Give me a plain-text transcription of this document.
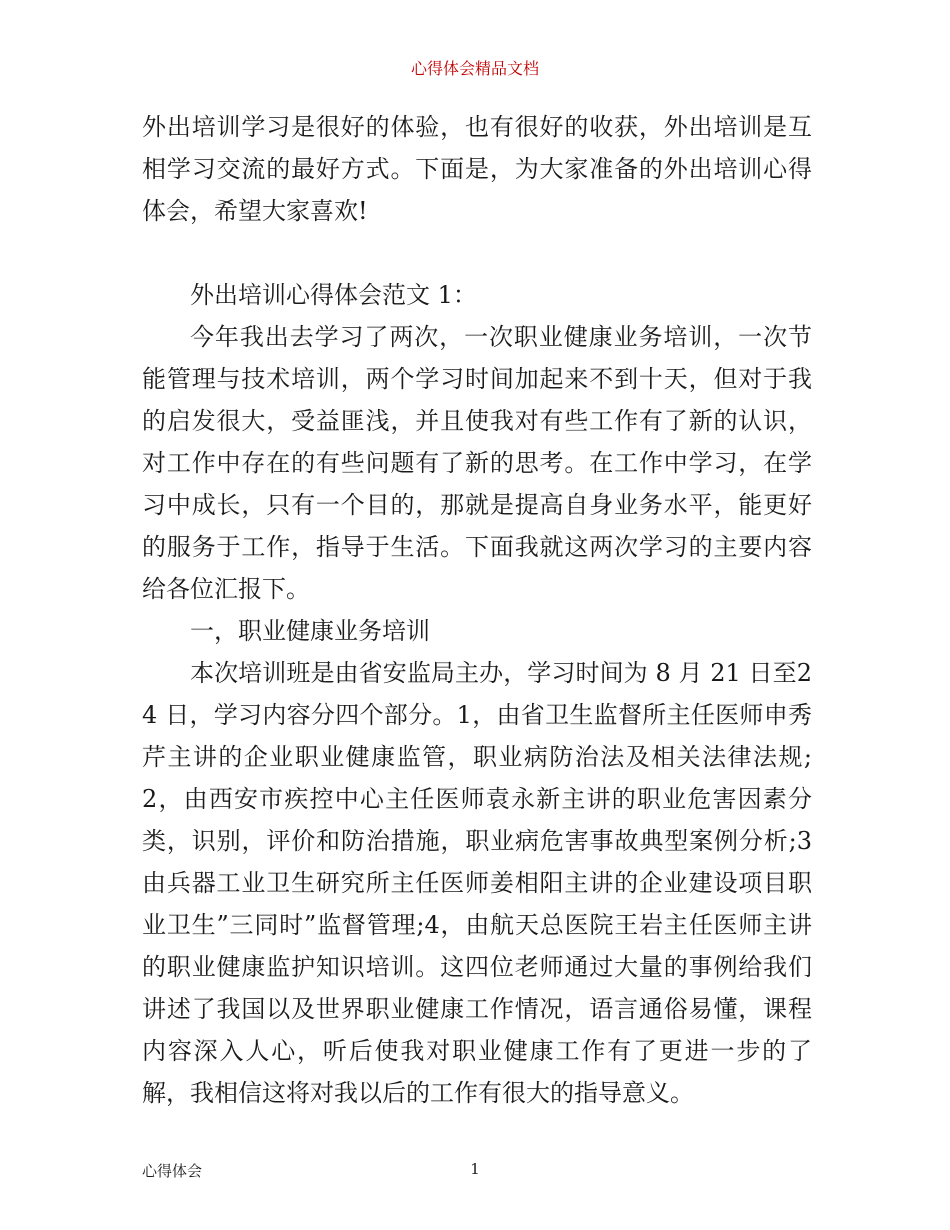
心得体会精品文档

外出培训学习是很好的体验，也有很好的收获，外出培训是互相学习交流的最好方式。下面是，为大家准备的外出培训心得体会，希望大家喜欢!

外出培训心得体会范文 1：

今年我出去学习了两次，一次职业健康业务培训，一次节能管理与技术培训，两个学习时间加起来不到十天，但对于我的启发很大，受益匪浅，并且使我对有些工作有了新的认识，对工作中存在的有些问题有了新的思考。在工作中学习，在学习中成长，只有一个目的，那就是提高自身业务水平，能更好的服务于工作，指导于生活。下面我就这两次学习的主要内容给各位汇报下。

一，职业健康业务培训

本次培训班是由省安监局主办，学习时间为 8 月 21 日至24 日，学习内容分四个部分。1，由省卫生监督所主任医师申秀芹主讲的企业职业健康监管，职业病防治法及相关法律法规;2，由西安市疾控中心主任医师袁永新主讲的职业危害因素分类，识别，评价和防治措施，职业病危害事故典型案例分析;3 由兵器工业卫生研究所主任医师姜相阳主讲的企业建设项目职业卫生”三同时”监督管理;4，由航天总医院王岩主任医师主讲的职业健康监护知识培训。这四位老师通过大量的事例给我们讲述了我国以及世界职业健康工作情况，语言通俗易懂，课程内容深入人心，听后使我对职业健康工作有了更进一步的了解，我相信这将对我以后的工作有很大的指导意义。

心得体会	1
